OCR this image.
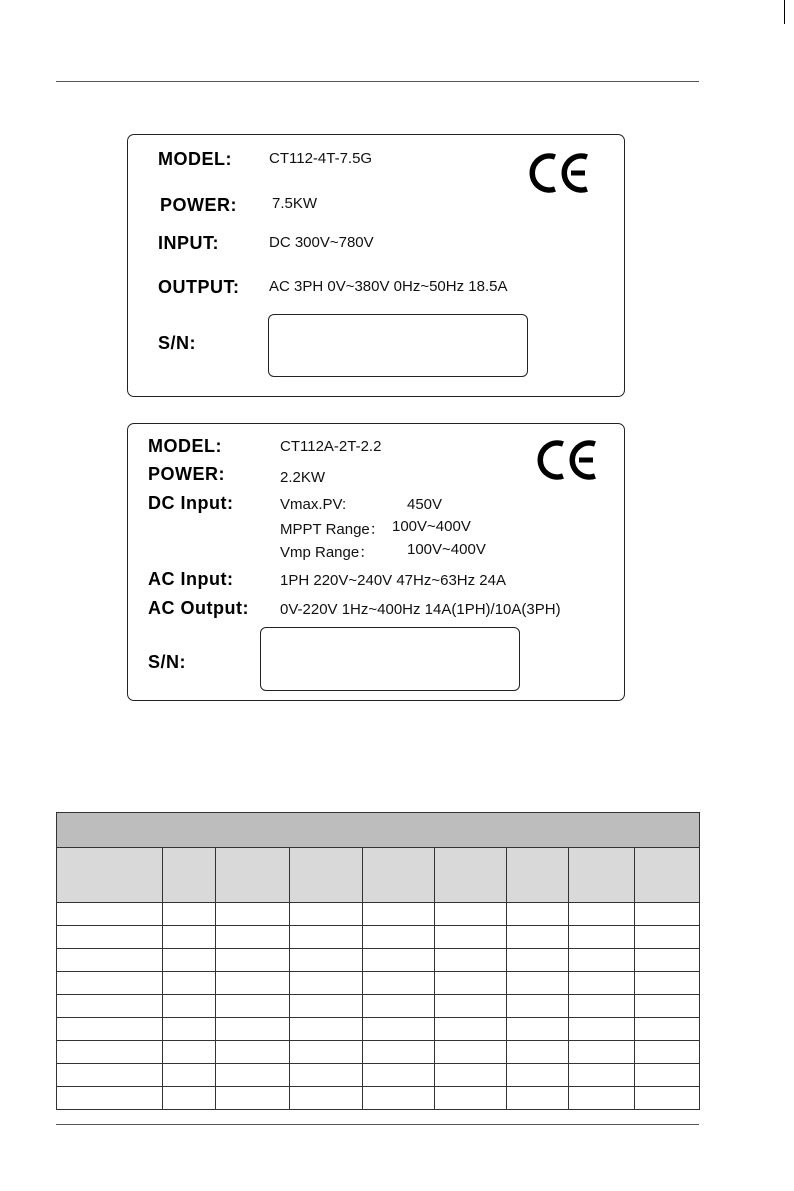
MODEL: CT112-4T-7.5G
POWER: 7.5KW
INPUT:	DC 300V~780V
OUTPUT: AC 3PH 0V~380V 0Hz~50Hz 18.5A
S/N:
MODEL:	CT112A-2T-2.2
POWER:	2.2KW
DC Input:	Vmax.PV:	450V
MPPT Range： 100V~400V
Vmp Range： 100V~400V
AC Input:	1PH 220V~240V 47Hz~63Hz 24A
AC Output: 0V-220V 1Hz~400Hz 14A(1PH)/10A(3PH)
S/N:
